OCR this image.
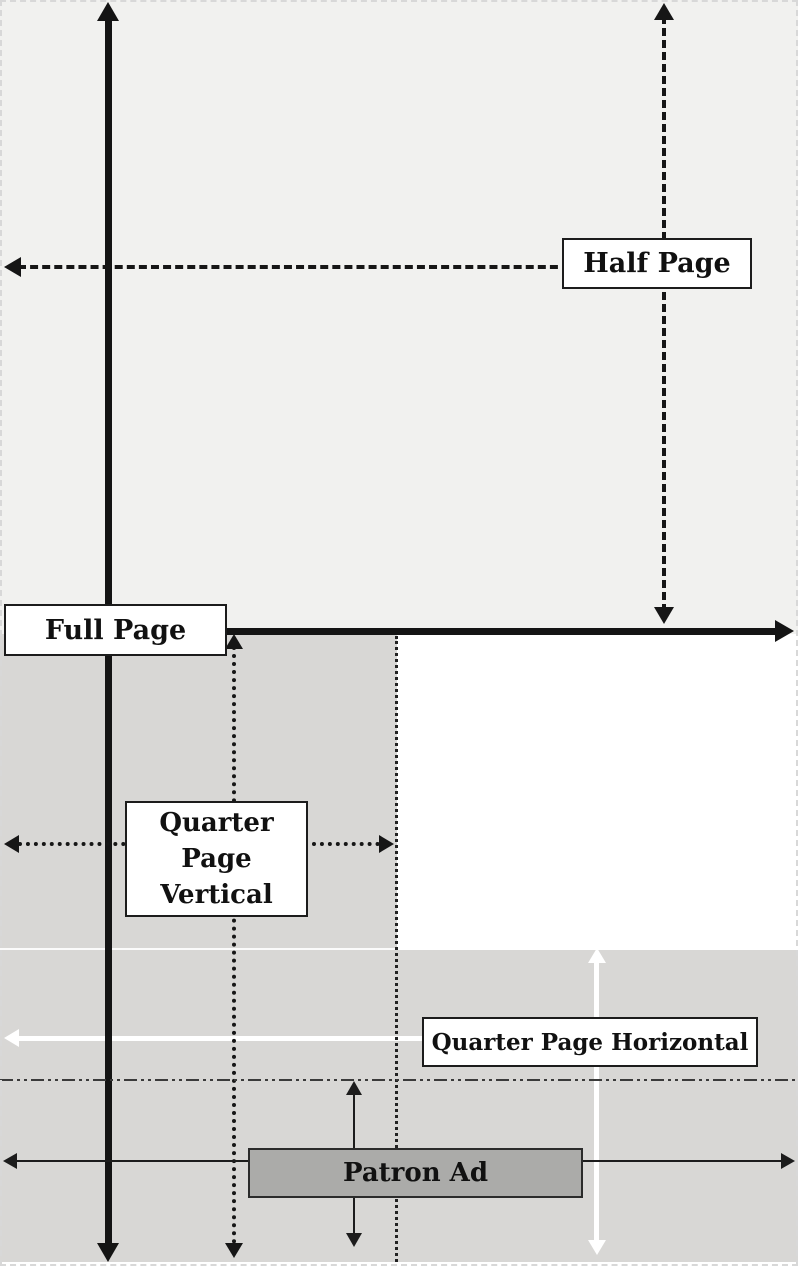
Full Page
Half Page
Quarter
Page
Vertical
Quarter Page Horizontal
Patron Ad
